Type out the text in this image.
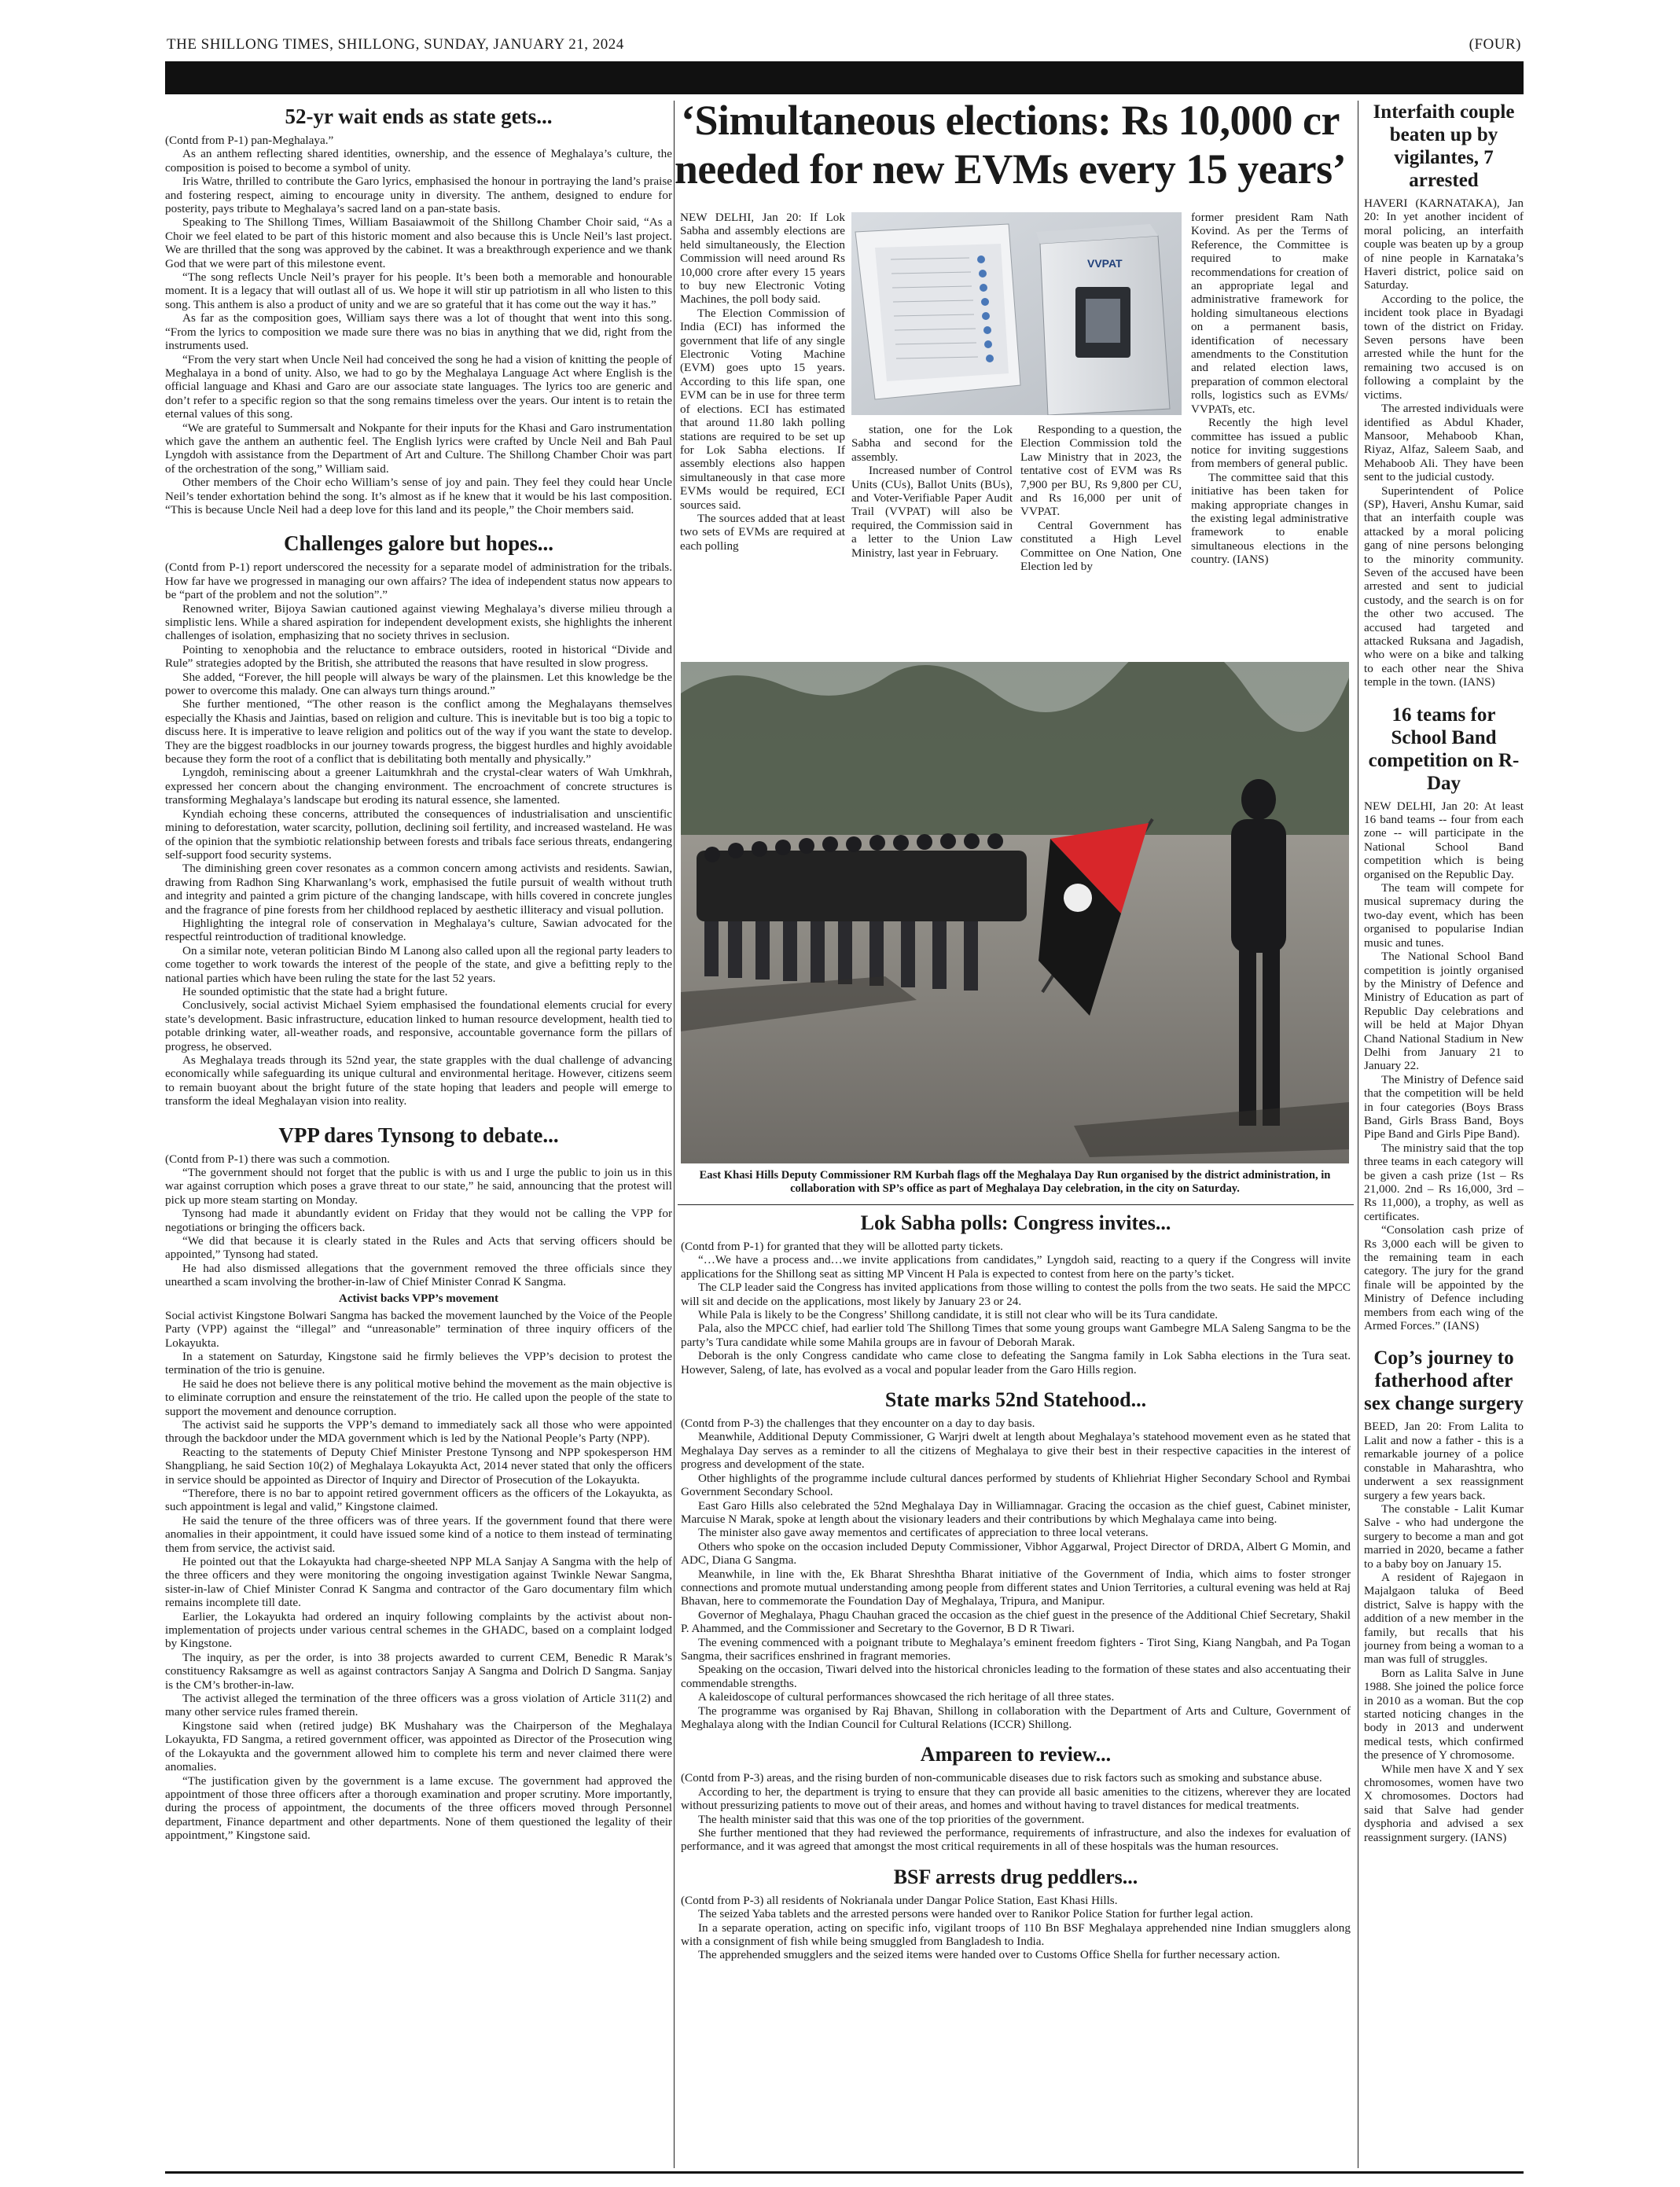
THE SHILLONG TIMES, SHILLONG, SUNDAY, JANUARY 21, 2024	(FOUR)
52-yr wait ends as state gets...

(Contd from P-1) pan-Meghalaya.”

As an anthem reflecting shared identities, ownership, and the essence of Meghalaya’s culture, the composition is poised to become a symbol of unity.

Iris Watre, thrilled to contribute the Garo lyrics, emphasised the honour in portraying the land’s praise and fostering respect, aiming to encourage unity in diversity. The anthem, designed to endure for posterity, pays tribute to Meghalaya’s sacred land on a pan-state basis.

Speaking to The Shillong Times, William Basaiawmoit of the Shillong Chamber Choir said, “As a Choir we feel elated to be part of this historic moment and also because this is Uncle Neil’s last project. We are thrilled that the song was approved by the cabinet. It was a breakthrough experience and we thank God that we were part of this milestone event.

“The song reflects Uncle Neil’s prayer for his people. It’s been both a memorable and honourable moment. It is a legacy that will outlast all of us. We hope it will stir up patriotism in all who listen to this song. This anthem is also a product of unity and we are so grateful that it has come out the way it has.”

As far as the composition goes, William says there was a lot of thought that went into this song. “From the lyrics to composition we made sure there was no bias in anything that we did, right from the instruments used.

“From the very start when Uncle Neil had conceived the song he had a vision of knitting the people of Meghalaya in a bond of unity. Also, we had to go by the Meghalaya Language Act where English is the official language and Khasi and Garo are our associate state languages. The lyrics too are generic and don’t refer to a specific region so that the song remains timeless over the years. Our intent is to retain the eternal values of this song.

“We are grateful to Summersalt and Nokpante for their inputs for the Khasi and Garo instrumentation which gave the anthem an authentic feel. The English lyrics were crafted by Uncle Neil and Bah Paul Lyngdoh with assistance from the Department of Art and Culture. The Shillong Chamber Choir was part of the orchestration of the song,” William said.

Other members of the Choir echo William’s sense of joy and pain. They feel they could hear Uncle Neil’s tender exhortation behind the song. It’s almost as if he knew that it would be his last composition. “This is because Uncle Neil had a deep love for this land and its people,” the Choir members said.

Challenges galore but hopes...

(Contd from P-1) report underscored the necessity for a separate model of administration for the tribals. How far have we progressed in managing our own affairs? The idea of independent status now appears to be “part of the problem and not the solution”.”

Renowned writer, Bijoya Sawian cautioned against viewing Meghalaya’s diverse milieu through a simplistic lens. While a shared aspiration for independent development exists, she highlights the inherent challenges of isolation, emphasizing that no society thrives in seclusion.

Pointing to xenophobia and the reluctance to embrace outsiders, rooted in historical “Divide and Rule” strategies adopted by the British, she attributed the reasons that have resulted in slow progress.

She added, “Forever, the hill people will always be wary of the plainsmen. Let this knowledge be the power to overcome this malady. One can always turn things around.”

She further mentioned, “The other reason is the conflict among the Meghalayans themselves especially the Khasis and Jaintias, based on religion and culture. This is inevitable but is too big a topic to discuss here. It is imperative to leave religion and politics out of the way if you want the state to develop. They are the biggest roadblocks in our journey towards progress, the biggest hurdles and highly avoidable because they form the root of a conflict that is debilitating both mentally and physically.”

Lyngdoh, reminiscing about a greener Laitumkhrah and the crystal-clear waters of Wah Umkhrah, expressed her concern about the changing environment. The encroachment of concrete structures is transforming Meghalaya’s landscape but eroding its natural essence, she lamented.

Kyndiah echoing these concerns, attributed the consequences of industrialisation and unscientific mining to deforestation, water scarcity, pollution, declining soil fertility, and increased wasteland. He was of the opinion that the symbiotic relationship between forests and tribals face serious threats, endangering self-support food security systems.

The diminishing green cover resonates as a common concern among activists and residents. Sawian, drawing from Radhon Sing Kharwanlang’s work, emphasised the futile pursuit of wealth without truth and integrity and painted a grim picture of the changing landscape, with hills covered in concrete jungles and the fragrance of pine forests from her childhood replaced by aesthetic illiteracy and visual pollution.

Highlighting the integral role of conservation in Meghalaya’s culture, Sawian advocated for the respectful reintroduction of traditional knowledge.

On a similar note, veteran politician Bindo M Lanong also called upon all the regional party leaders to come together to work towards the interest of the people of the state, and give a befitting reply to the national parties which have been ruling the state for the last 52 years.

He sounded optimistic that the state had a bright future.

Conclusively, social activist Michael Syiem emphasised the foundational elements crucial for every state’s development. Basic infrastructure, education linked to human resource development, health tied to potable drinking water, all-weather roads, and responsive, accountable governance form the pillars of progress, he observed.

As Meghalaya treads through its 52nd year, the state grapples with the dual challenge of advancing economically while safeguarding its unique cultural and environmental heritage. However, citizens seem to remain buoyant about the bright future of the state hoping that leaders and people will emerge to transform the ideal Meghalayan vision into reality.

VPP dares Tynsong to debate...

(Contd from P-1) there was such a commotion.

“The government should not forget that the public is with us and I urge the public to join us in this war against corruption which poses a grave threat to our state,” he said, announcing that the protest will pick up more steam starting on Monday.

Tynsong had made it abundantly evident on Friday that they would not be calling the VPP for negotiations or bringing the officers back.

“We did that because it is clearly stated in the Rules and Acts that serving officers should be appointed,” Tynsong had stated.

He had also dismissed allegations that the government removed the three officials since they unearthed a scam involving the brother-in-law of Chief Minister Conrad K Sangma.

Activist backs VPP’s movement

Social activist Kingstone Bolwari Sangma has backed the movement launched by the Voice of the People Party (VPP) against the “illegal” and “unreasonable” termination of three inquiry officers of the Lokayukta.

In a statement on Saturday, Kingstone said he firmly believes the VPP’s decision to protest the termination of the trio is genuine.

He said he does not believe there is any political motive behind the movement as the main objective is to eliminate corruption and ensure the reinstatement of the trio. He called upon the people of the state to support the movement and denounce corruption.

The activist said he supports the VPP’s demand to immediately sack all those who were appointed through the backdoor under the MDA government which is led by the National People’s Party (NPP).

Reacting to the statements of Deputy Chief Minister Prestone Tynsong and NPP spokesperson HM Shangpliang, he said Section 10(2) of Meghalaya Lokayukta Act, 2014 never stated that only the officers in service should be appointed as Director of Inquiry and Director of Prosecution of the Lokayukta.

“Therefore, there is no bar to appoint retired government officers as the officers of the Lokayukta, as such appointment is legal and valid,” Kingstone claimed.

He said the tenure of the three officers was of three years. If the government found that there were anomalies in their appointment, it could have issued some kind of a notice to them instead of terminating them from service, the activist said.

He pointed out that the Lokayukta had charge-sheeted NPP MLA Sanjay A Sangma with the help of the three officers and they were monitoring the ongoing investigation against Twinkle Newar Sangma, sister-in-law of Chief Minister Conrad K Sangma and contractor of the Garo documentary film which remains incomplete till date.

Earlier, the Lokayukta had ordered an inquiry following complaints by the activist about non-implementation of projects under various central schemes in the GHADC, based on a complaint lodged by Kingstone.

The inquiry, as per the order, is into 38 projects awarded to current CEM, Benedic R Marak’s constituency Raksamgre as well as against contractors Sanjay A Sangma and Dolrich D Sangma. Sanjay is the CM’s brother-in-law.

The activist alleged the termination of the three officers was a gross violation of Article 311(2) and many other service rules framed therein.

Kingstone said when (retired judge) BK Mushahary was the Chairperson of the Meghalaya Lokayukta, FD Sangma, a retired government officer, was appointed as Director of the Prosecution wing of the Lokayukta and the government allowed him to complete his term and never claimed there were anomalies.

“The justification given by the government is a lame excuse. The government had approved the appointment of those three officers after a thorough examination and proper scrutiny. More importantly, during the process of appointment, the documents of the three officers moved through Personnel department, Finance department and other departments. None of them questioned the legality of their appointment,” Kingstone said.

‘Simultaneous elections: Rs 10,000 cr needed for new EVMs every 15 years’

NEW DELHI, Jan 20: If Lok Sabha and assembly elections are held simultaneously, the Election Commission will need around Rs 10,000 crore after every 15 years to buy new Electronic Voting Machines, the poll body said.

The Election Commission of India (ECI) has informed the government that life of any single Electronic Voting Machine (EVM) goes upto 15 years. According to this life span, one EVM can be in use for three term of elections. ECI has estimated that around 11.80 lakh polling stations are required to be set up for Lok Sabha elections. If assembly elections also happen simultaneously in that case more EVMs would be required, ECI sources said.

The sources added that at least two sets of EVMs are required at each polling

VVPAT

former president Ram Nath Kovind. As per the Terms of Reference, the Committee is required to make recommendations for creation of an appropriate legal and administrative framework for holding simultaneous elections on a permanent basis, identification of necessary amendments to the Constitution and related election laws, preparation of common electoral rolls, logistics such as EVMs/ VVPATs, etc.

Recently the high level committee has issued a public notice for inviting suggestions from members of general public.

The committee said that this initiative has been taken for making appropriate changes in the existing legal administrative framework to enable simultaneous elections in the country. (IANS)

station, one for the Lok Sabha and second for the assembly.

Increased number of Control Units (CUs), Ballot Units (BUs), and Voter-Verifiable Paper Audit Trail (VVPAT) will also be required, the Commission said in a letter to the Union Law Ministry, last year in February.

Responding to a question, the Election Commission told the Law Ministry that in 2023, the tentative cost of EVM was Rs 7,900 per BU, Rs 9,800 per CU, and Rs 16,000 per unit of VVPAT.

Central Government has constituted a High Level Committee on One Nation, One Election led by

East Khasi Hills Deputy Commissioner RM Kurbah flags off the Meghalaya Day Run organised by the district administration, in collaboration with SP’s office as part of Meghalaya Day celebration, in the city on Saturday.
Lok Sabha polls: Congress invites...

(Contd from P-1) for granted that they will be allotted party tickets.

“…We have a process and…we invite applications from candidates,” Lyngdoh said, reacting to a query if the Congress will invite applications for the Shillong seat as sitting MP Vincent H Pala is expected to contest from here on the party’s ticket.

The CLP leader said the Congress has invited applications from those willing to contest the polls from the two seats. He said the MPCC will sit and decide on the applications, most likely by January 23 or 24.

While Pala is likely to be the Congress’ Shillong candidate, it is still not clear who will be its Tura candidate.

Pala, also the MPCC chief, had earlier told The Shillong Times that some young groups want Gambegre MLA Saleng Sangma to be the party’s Tura candidate while some Mahila groups are in favour of Deborah Marak.

Deborah is the only Congress candidate who came close to defeating the Sangma family in Lok Sabha elections in the Tura seat. However, Saleng, of late, has evolved as a vocal and popular leader from the Garo Hills region.

State marks 52nd Statehood...

(Contd from P-3) the challenges that they encounter on a day to day basis.

Meanwhile, Additional Deputy Commissioner, G Warjri dwelt at length about Meghalaya’s statehood movement even as he stated that Meghalaya Day serves as a reminder to all the citizens of Meghalaya to give their best in their respective capacities in the interest of progress and development of the state.

Other highlights of the programme include cultural dances performed by students of Khliehriat Higher Secondary School and Rymbai Government Secondary School.

East Garo Hills also celebrated the 52nd Meghalaya Day in Williamnagar. Gracing the occasion as the chief guest, Cabinet minister, Marcuise N Marak, spoke at length about the visionary leaders and their contributions by which Meghalaya came into being.

The minister also gave away mementos and certificates of appreciation to three local veterans.

Others who spoke on the occasion included Deputy Commissioner, Vibhor Aggarwal, Project Director of DRDA, Albert G Momin, and ADC, Diana G Sangma.

Meanwhile, in line with the, Ek Bharat Shreshtha Bharat initiative of the Government of India, which aims to foster stronger connections and promote mutual understanding among people from different states and Union Territories, a cultural evening was held at Raj Bhavan, here to commemorate the Foundation Day of Meghalaya, Tripura, and Manipur.

Governor of Meghalaya, Phagu Chauhan graced the occasion as the chief guest in the presence of the Additional Chief Secretary, Shakil P. Ahammed, and the Commissioner and Secretary to the Governor, B D R Tiwari.

The evening commenced with a poignant tribute to Meghalaya’s eminent freedom fighters - Tirot Sing, Kiang Nangbah, and Pa Togan Sangma, their sacrifices enshrined in fragrant memories.

Speaking on the occasion, Tiwari delved into the historical chronicles leading to the formation of these states and also accentuating their commendable strengths.

A kaleidoscope of cultural performances showcased the rich heritage of all three states.

The programme was organised by Raj Bhavan, Shillong in collaboration with the Department of Arts and Culture, Government of Meghalaya along with the Indian Council for Cultural Relations (ICCR) Shillong.

Ampareen to review...

(Contd from P-3) areas, and the rising burden of non-communicable diseases due to risk factors such as smoking and substance abuse.

According to her, the department is trying to ensure that they can provide all basic amenities to the citizens, wherever they are located without pressurizing patients to move out of their areas, and homes and without having to travel distances for medical treatments.

The health minister said that this was one of the top priorities of the government.

She further mentioned that they had reviewed the performance, requirements of infrastructure, and also the indexes for evaluation of performance, and it was agreed that amongst the most critical requirements in all of these hospitals was the human resources.

BSF arrests drug peddlers...

(Contd from P-3) all residents of Nokrianala under Dangar Police Station, East Khasi Hills.

The seized Yaba tablets and the arrested persons were handed over to Ranikor Police Station for further legal action.

In a separate operation, acting on specific info, vigilant troops of 110 Bn BSF Meghalaya apprehended nine Indian smugglers along with a consignment of fish while being smuggled from Bangladesh to India.

The apprehended smugglers and the seized items were handed over to Customs Office Shella for further necessary action.

Interfaith couple beaten up by vigilantes, 7 arrested

HAVERI (KARNATAKA), Jan 20: In yet another incident of moral policing, an interfaith couple was beaten up by a group of nine people in Karnataka’s Haveri district, police said on Saturday.

According to the police, the incident took place in Byadagi town of the district on Friday. Seven persons have been arrested while the hunt for the remaining two accused is on following a complaint by the victims.

The arrested individuals were identified as Abdul Khader, Mansoor, Mehaboob Khan, Riyaz, Alfaz, Saleem Saab, and Mehaboob Ali. They have been sent to the judicial custody.

Superintendent of Police (SP), Haveri, Anshu Kumar, said that an interfaith couple was attacked by a moral policing gang of nine persons belonging to the minority community. Seven of the accused have been arrested and sent to judicial custody, and the search is on for the other two accused. The accused had targeted and attacked Ruksana and Jagadish, who were on a bike and talking to each other near the Shiva temple in the town. (IANS)

16 teams for School Band competition on R-Day

NEW DELHI, Jan 20: At least 16 band teams -- four from each zone -- will participate in the National School Band competition which is being organised on the Republic Day.

The team will compete for musical supremacy during the two-day event, which has been organised to popularise Indian music and tunes.

The National School Band competition is jointly organised by the Ministry of Defence and Ministry of Education as part of Republic Day celebrations and will be held at Major Dhyan Chand National Stadium in New Delhi from January 21 to January 22.

The Ministry of Defence said that the competition will be held in four categories (Boys Brass Band, Girls Brass Band, Boys Pipe Band and Girls Pipe Band).

The ministry said that the top three teams in each category will be given a cash prize (1st – Rs 21,000. 2nd – Rs 16,000, 3rd – Rs 11,000), a trophy, as well as certificates.

“Consolation cash prize of Rs 3,000 each will be given to the remaining team in each category. The jury for the grand finale will be appointed by the Ministry of Defence including members from each wing of the Armed Forces.” (IANS)

Cop’s journey to fatherhood after sex change surgery

BEED, Jan 20: From Lalita to Lalit and now a father - this is a remarkable journey of a police constable in Maharashtra, who underwent a sex reassignment surgery a few years back.

The constable - Lalit Kumar Salve - who had undergone the surgery to become a man and got married in 2020, became a father to a baby boy on January 15.

A resident of Rajegaon in Majalgaon taluka of Beed district, Salve is happy with the addition of a new member in the family, but recalls that his journey from being a woman to a man was full of struggles.

Born as Lalita Salve in June 1988. She joined the police force in 2010 as a woman. But the cop started noticing changes in the body in 2013 and underwent medical tests, which confirmed the presence of Y chromosome.

While men have X and Y sex chromosomes, women have two X chromosomes. Doctors had said that Salve had gender dysphoria and advised a sex reassignment surgery. (IANS)
